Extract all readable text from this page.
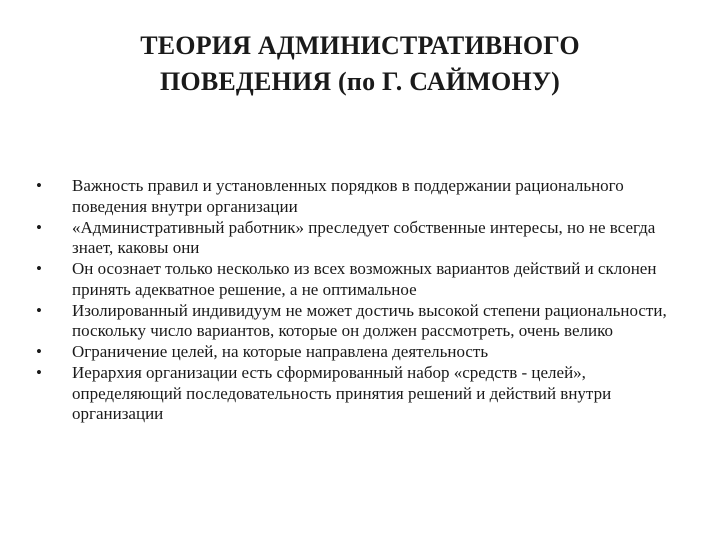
ТЕОРИЯ АДМИНИСТРАТИВНОГО
ПОВЕДЕНИЯ (по Г. САЙМОНУ)
•	Важность правил и установленных порядков в поддержании рационального поведения внутри организации
•	«Административный работник» преследует собственные интересы, но не всегда знает, каковы они
•	Он осознает только несколько из всех возможных вариантов действий и склонен принять адекватное решение, а не оптимальное
•	Изолированный индивидуум не может достичь высокой степени рациональности, поскольку число вариантов, которые он должен рассмотреть, очень велико
•	Ограничение целей, на которые направлена деятельность
•	Иерархия организации есть сформированный набор «средств - целей», определяющий последовательность принятия решений и действий внутри организации
